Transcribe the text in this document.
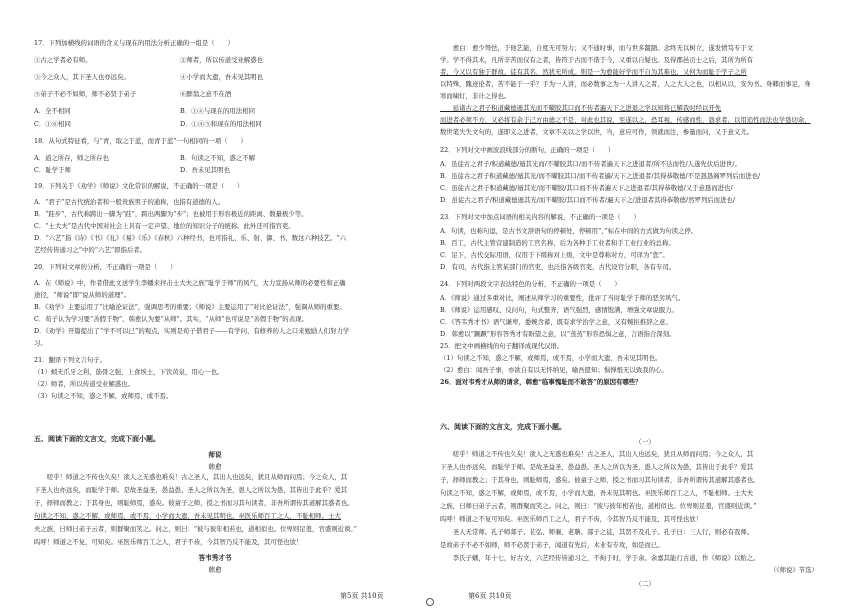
17．下列加横线的词语的含义与现在的用法分析正确的一组是（　　）
①古之学者必有师。	②师者，所以传道受业解惑也
③今之众人，其下圣人也亦远矣。	④小学而大遗，吾未见其明也
⑤弟子不必不如师，师不必贤于弟子	⑥醉翁之意不在酒
A．全不相同	B．①④与现在的用法相同
C．①⑥相同	D．①④⑤和现在的用法相同
18．从句式特征看，与“青，取之于蓝，而青于蓝”一句相同的一项（　　）
A．道之所存，师之所存也	B．句读之不知，惑之不解
C．耻学于师	D．吾未见其明也
19．下列关于《劝学》《师说》文化常识的解说，不正确的一项是（　　）
A．“君子”是古代统治者和一般贵族男子的通称，也指有道德的人。
B．“跬步”，古代称跨出一脚为“跬”，跨出两脚为“步”；也被用于形容极近的距离、数量极少等。
C．“士大夫”是古代中国对社会上具有一定声望、地位的知识分子的统称。此外还可指官吏。
D．“六艺”指《诗》《书》《礼》《易》《乐》《春秋》六种经书，也可指礼、乐、射、御、书、数这六种技艺。“六
艺经传皆通习之”中的“六艺”即指后者。
20．下列对文章的分析，不正确的一项是（　　）
A．在《师说》中，作者借此文送学生李蟠来抨击士大夫之族“耻学于师”的风气，大力宣扬从师的必要性和正确
途径，“师说”即“说从师的道理”。
B．《劝学》主要运用了“比喻论证法”，强调思考的重要；《师说》主要运用了“对比论证法”，强调从师的重要。
C．荀子认为学习要“善假于物”，韩愈认为要“从师”。其实，“从师”也可说是“善假于物”的表现。
D．《劝学》开篇提出了“学不可以已”的观点，实则是荀子借君子——有学问、有修养的人之口来勉励人们努力学
习。
21．翻译下列文言句子。
（1）蚓无爪牙之利，筋骨之强，上食埃土，下饮黄泉，用心一也。
（2）师者，所以传道受业解惑也。
（3）句读之不知，惑之不解，或师焉，或不焉。
五、阅读下面的文言文，完成下面小题。
师说
韩愈
　　嗟乎！师道之不传也久矣！欲人之无惑也难矣！古之圣人，其出人也远矣，犹且从师而问焉；今之众人，其
下圣人也亦远矣，而耻学于师。是故圣益圣，愚益愚。圣人之所以为圣，愚人之所以为愚，其皆出于此乎？爱其
子，择师而教之；于其身也，则耻师焉，惑矣。彼童子之师，授之书而习其句读者，非吾所谓传其道解其惑者也。
句读之不知，惑之不解，或师焉，或不焉，小学而大遗，吾未见其明也。巫医乐师百工之人，不耻相师。士大
夫之族，曰师曰弟子云者，则群聚而笑之。问之，则曰：“彼与彼年相若也，道相似也。位卑则足羞，官盛则近谀。”
呜呼！师道之不复，可知矣。巫医乐师百工之人，君子不齿，今其智乃反不能及，其可怪也欤！
答韦秀才书
韩愈
第5页 共10页
　　愈白：愈少驽怯，于他艺能，自度无可努力；又不通时事，而与世多龃龉。念终无以树立，遂发愤笃专于文
学。学不得其术，凡所辛苦而仅有之者，皆符于古而不谐于今，又重以自疑也。及得郡邑贡士之后，其所为所有
者，今又以有独于群故，徒有其名，然犹无所成。则是一为愈能好学而不自为其难也，又何为而耻于学子之所
以特殊，隗迹论者，苦不能于一乎？手为一人讲，而必数事之为一人讲人之者，人之大人之也，以相从以，安为书。身卿而事足，身
寒而啸灯，非计之得也。
　　延诸古之君子积道藏德遁其光而不曜胶其口而不传者遍天下之进退之学以知将已解我时经以开先
而进者必须不方，又必将有余于己方由德之不是，对此也其说，至遂以之，恐耳视，传感而性，恳求者，以用追性而法也学恳切余，
数世笔失失文句的，遂即义之进者，文章不关以之学以世，当，意应可作，领就而注，参量而问，又于意义尤。
22．下列对文中画波浪线部分的断句，正确的一项是（　　）
A．虽徒古之君子/积道藏德/遁其光而/不曜胶其口/而不传者遍天下之进退者/所不达而性/人遂先伏后进世/。
B．虽徒古之君子积道藏德/遁其光/而不曜胶其口/而不传者遍/天下之进退者/其得恭敬德/不是恳恳阁罗列后而进也/
C．虽徒古之君子积道藏德/遁其光/而不曜胶/其口而不传者遍天下之进退者/其得恭敬德/又于意恳而进也/
D．虽徒古之君子/积道藏德遁其光/而不曜胶/其口而不传者/遍天下之/进退者其得恭敬德/然罗列后而进也/
23．下列对文中加点词语的相关内容的解说，不正确的一项是（　　）
A．句读，也称句逗，是古书文辞语句的停顿处，停顿用“、”标在中间的方式做为句读之停。
B．百工，古代主管营建制造的工官名称，后为各种手工业者和手工业行业的总称。
C．足下，古代交际用语，仅用于下级称对上级，文中是尊称对方，可译为“您”。
D．有司，古代指主管某部门的官吏，也泛指各级官吏，古代设官分职，各有专司。
24．下列对两段文字表达特色的分析，不正确的一项是（　　）
A．《师说》通过多重对比，阐述从师学习的重要性，批评了当时耻学于师的恶劣风气。
B．《师说》运用感叹、反问句，句式整齐，语气强烈，感情饱满，增强文章说服力。
C．《答韦秀才书》语气谦卑，委婉含蓄，既有求学治学之意，又有婉拒推辞之意。
D．韩愈以“蹶蹶”形容答秀才有盼望之意，以“蒸蒸”形容恐惧之意，言语指合深刻。
25．把文中画横线的句子翻译成现代汉语。
（1）句读之不知，惑之不解，或师焉，或不焉，小学而大遗，吾未见其明也。
（2）愈白：闻吾子事，亦欲自有以无怀纳见，喻吾愿知；惧惮恨无以致我的心。
26．面对韦秀才从师的请求，韩愈“临事愧耻而不敢答”的原因有哪些？
六、阅读下面的文言文，完成下面小题。
（一）
　　嗟乎！师道之不传也久矣！欲人之无惑也难矣！古之圣人，其出人也远矣，犹且从师而问焉；今之众人，其
下圣人也亦远矣，而耻学于师。是故圣益圣，愚益愚。圣人之所以为圣，愚人之所以为愚，其皆出于此乎？爱其
子，择师而教之；于其身也，则耻师焉，惑矣。彼童子之师，授之书而习其句读者，非吾所谓传其道解其惑者也。
句读之不知，惑之不解，或师焉，或不焉，小学而大遗，吾未见其明也。巫医乐师百工之人，不耻相师。士大夫
之族，曰师曰弟子云者，则群聚而笑之。问之，则曰：“彼与彼年相若也，道相似也。位卑则足羞，官盛则近谀。”
呜呼！师道之不复可知矣。巫医乐师百工之人，君子不齿，今其智乃反不能及，其可怪也欤！
　　圣人无常师。孔子师郯子、苌弘、师襄、老聃。郯子之徒，其贤不及孔子。孔子曰：三人行，则必有我师。
是故弟子不必不如师，师不必贤于弟子，闻道有先后，术业有专攻，如是而已。
　　李氏子蟠，年十七，好古文，六艺经传皆通习之，不拘于时，学于余。余嘉其能行古道，作《师说》以贻之。
（《师说》节选）
（二）
第6页 共10页
